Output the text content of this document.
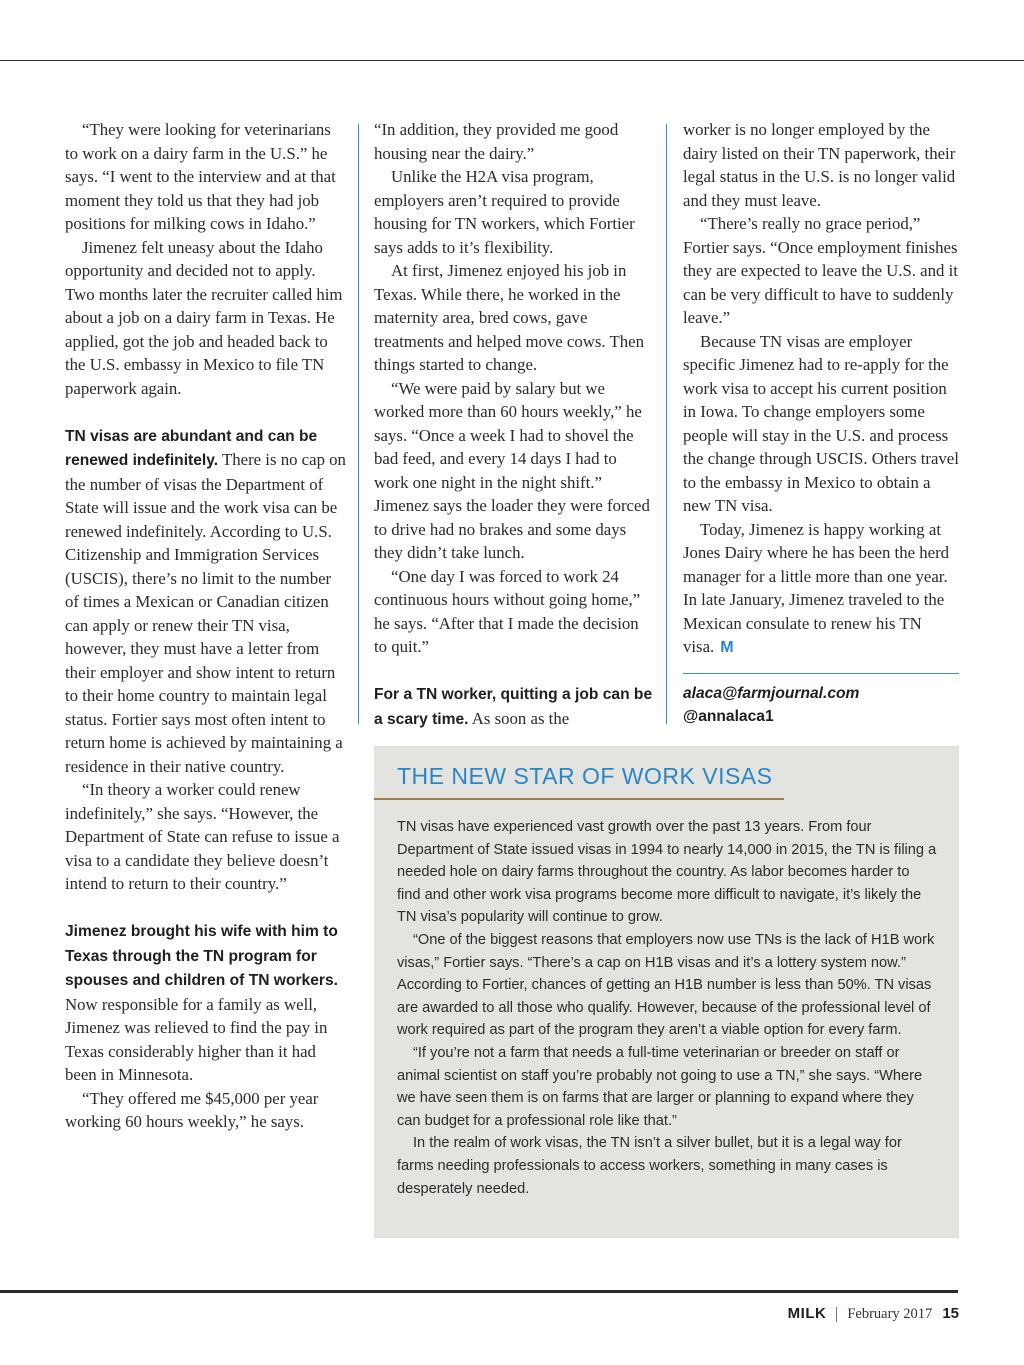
“They were looking for veterinarians to work on a dairy farm in the U.S.” he says. “I went to the interview and at that moment they told us that they had job positions for milking cows in Idaho.”

Jimenez felt uneasy about the Idaho opportunity and decided not to apply. Two months later the recruiter called him about a job on a dairy farm in Texas. He applied, got the job and headed back to the U.S. embassy in Mexico to file TN paperwork again.

TN visas are abundant and can be renewed indefinitely. There is no cap on the number of visas the Department of State will issue and the work visa can be renewed indefinitely. According to U.S. Citizenship and Immigration Services (USCIS), there’s no limit to the number of times a Mexican or Canadian citizen can apply or renew their TN visa, however, they must have a letter from their employer and show intent to return to their home country to maintain legal status. Fortier says most often intent to return home is achieved by maintaining a residence in their native country.

“In theory a worker could renew indefinitely,” she says. “However, the Department of State can refuse to issue a visa to a candidate they believe doesn’t intend to return to their country.”

Jimenez brought his wife with him to Texas through the TN program for spouses and children of TN workers. Now responsible for a family as well, Jimenez was relieved to find the pay in Texas considerably higher than it had been in Minnesota.

“They offered me $45,000 per year working 60 hours weekly,” he says.

“In addition, they provided me good housing near the dairy.”

Unlike the H2A visa program, employers aren’t required to provide housing for TN workers, which Fortier says adds to it’s flexibility.

At first, Jimenez enjoyed his job in Texas. While there, he worked in the maternity area, bred cows, gave treatments and helped move cows. Then things started to change.

“We were paid by salary but we worked more than 60 hours weekly,” he says. “Once a week I had to shovel the bad feed, and every 14 days I had to work one night in the night shift.” Jimenez says the loader they were forced to drive had no brakes and some days they didn’t take lunch.

“One day I was forced to work 24 continuous hours without going home,” he says. “After that I made the decision to quit.”

For a TN worker, quitting a job can be a scary time. As soon as the

worker is no longer employed by the dairy listed on their TN paperwork, their legal status in the U.S. is no longer valid and they must leave.

“There’s really no grace period,” Fortier says. “Once employment finishes they are expected to leave the U.S. and it can be very difficult to have to suddenly leave.”

Because TN visas are employer specific Jimenez had to re-apply for the work visa to accept his current position in Iowa. To change employers some people will stay in the U.S. and process the change through USCIS. Others travel to the embassy in Mexico to obtain a new TN visa.

Today, Jimenez is happy working at Jones Dairy where he has been the herd manager for a little more than one year. In late January, Jimenez traveled to the Mexican consulate to renew his TN visa. M

alaca@farmjournal.com
@annalaca1
THE NEW STAR OF WORK VISAS

TN visas have experienced vast growth over the past 13 years. From four Department of State issued visas in 1994 to nearly 14,000 in 2015, the TN is filing a needed hole on dairy farms throughout the country. As labor becomes harder to find and other work visa programs become more difficult to navigate, it’s likely the TN visa’s popularity will continue to grow.

“One of the biggest reasons that employers now use TNs is the lack of H1B work visas,” Fortier says. “There’s a cap on H1B visas and it’s a lottery system now.” According to Fortier, chances of getting an H1B number is less than 50%. TN visas are awarded to all those who qualify. However, because of the professional level of work required as part of the program they aren’t a viable option for every farm.

“If you’re not a farm that needs a full-time veterinarian or breeder on staff or animal scientist on staff you’re probably not going to use a TN,” she says. “Where we have seen them is on farms that are larger or planning to expand where they can budget for a professional role like that.”

In the realm of work visas, the TN isn’t a silver bullet, but it is a legal way for farms needing professionals to access workers, something in many cases is desperately needed.

MILK February 2017 15
